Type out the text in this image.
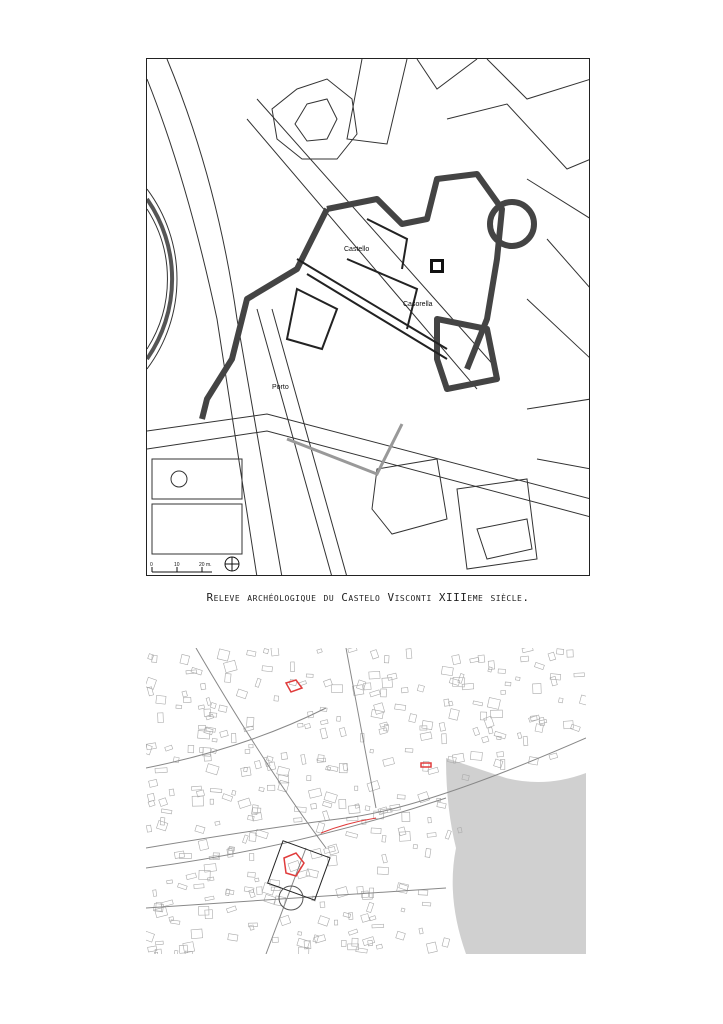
Castello
Casorella
Porto
0	10	20 m.
Releve archéologique du Castelo Visconti XIIIeme siècle.
